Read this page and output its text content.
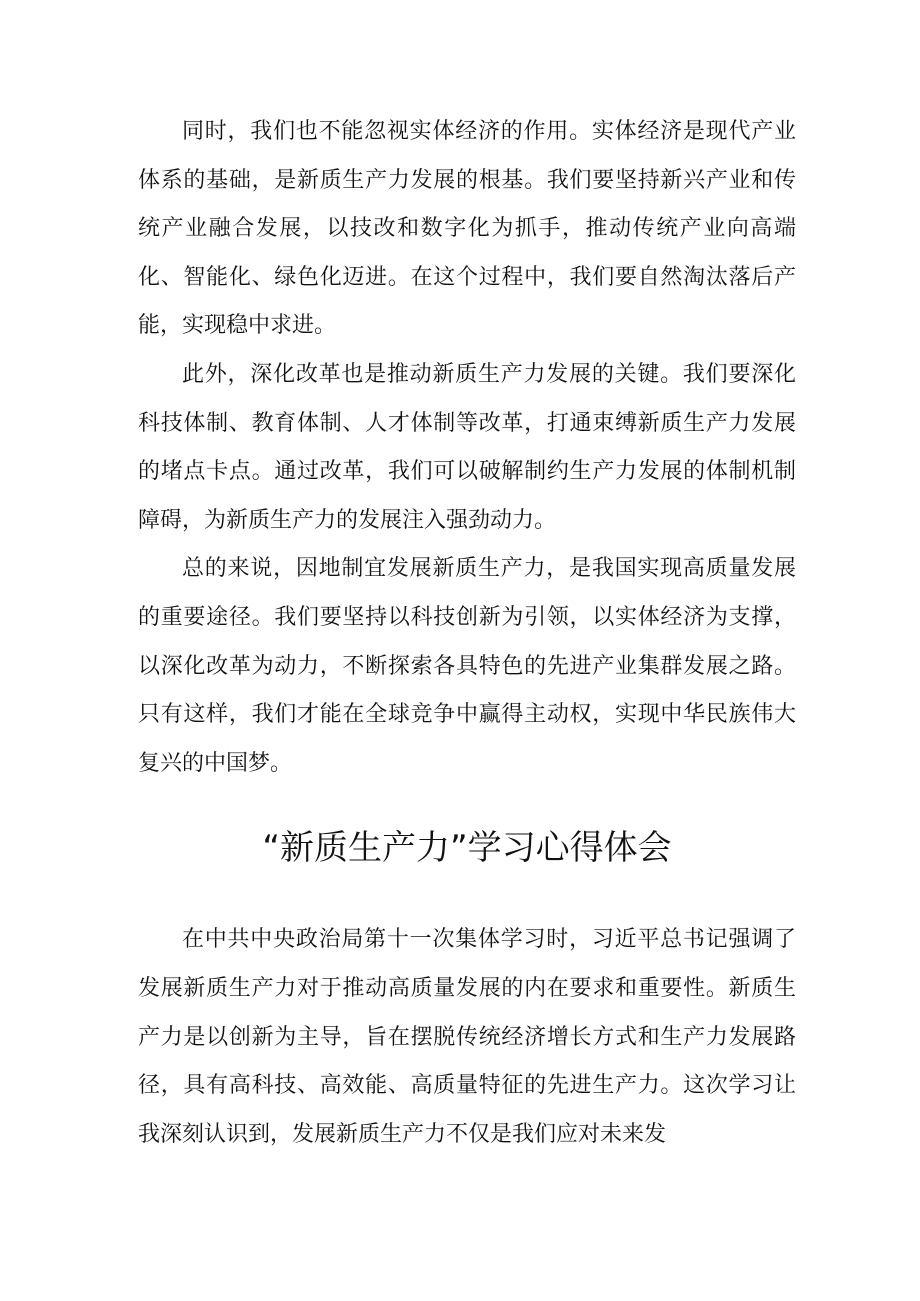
同时，我们也不能忽视实体经济的作用。实体经济是现代产业体系的基础，是新质生产力发展的根基。我们要坚持新兴产业和传统产业融合发展，以技改和数字化为抓手，推动传统产业向高端化、智能化、绿色化迈进。在这个过程中，我们要自然淘汰落后产能，实现稳中求进。

此外，深化改革也是推动新质生产力发展的关键。我们要深化科技体制、教育体制、人才体制等改革，打通束缚新质生产力发展的堵点卡点。通过改革，我们可以破解制约生产力发展的体制机制障碍，为新质生产力的发展注入强劲动力。

总的来说，因地制宜发展新质生产力，是我国实现高质量发展的重要途径。我们要坚持以科技创新为引领，以实体经济为支撑，以深化改革为动力，不断探索各具特色的先进产业集群发展之路。只有这样，我们才能在全球竞争中赢得主动权，实现中华民族伟大复兴的中国梦。

“新质生产力”学习心得体会

在中共中央政治局第十一次集体学习时，习近平总书记强调了发展新质生产力对于推动高质量发展的内在要求和重要性。新质生产力是以创新为主导，旨在摆脱传统经济增长方式和生产力发展路径，具有高科技、高效能、高质量特征的先进生产力。这次学习让我深刻认识到，发展新质生产力不仅是我们应对未来发
